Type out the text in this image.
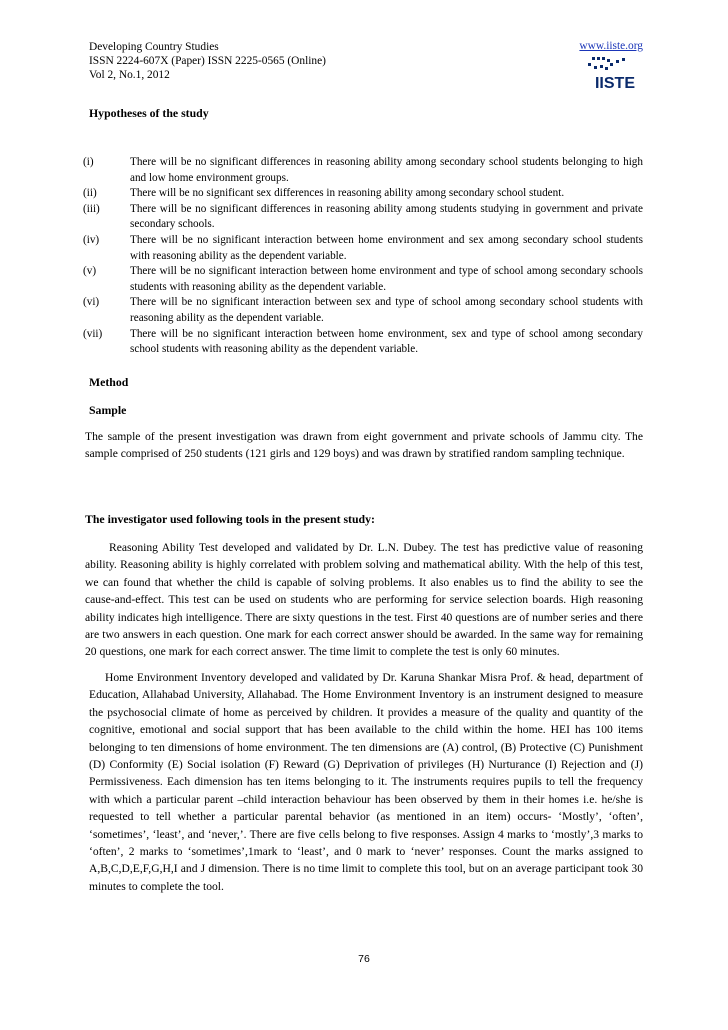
Developing Country Studies
ISSN 2224-607X (Paper) ISSN 2225-0565 (Online)
Vol 2, No.1, 2012
www.iiste.org
IISTE
Hypotheses of the study
(i)	There will be no significant differences in reasoning ability among secondary school students belonging to high and low home environment groups.
(ii)	There will be no significant sex differences in reasoning ability among secondary school student.
(iii)	There will be no significant differences in reasoning ability among students studying in government and private secondary schools.
(iv)	There will be no significant interaction between home environment and sex among secondary school students with reasoning ability as the dependent variable.
(v)	There will be no significant interaction between home environment and type of school among secondary schools students with reasoning ability as the dependent variable.
(vi)	There will be no significant interaction between sex and type of school among secondary school students with reasoning ability as the dependent variable.
(vii)	There will be no significant interaction between home environment, sex and type of school among secondary school students with reasoning ability as the dependent variable.
Method
Sample

The sample of the present investigation was drawn from eight government and private schools of Jammu city. The sample comprised of 250 students (121 girls and 129 boys) and was drawn by stratified random sampling technique.

The investigator used following tools in the present study:

Reasoning Ability Test developed and validated by Dr. L.N. Dubey. The test has predictive value of reasoning ability. Reasoning ability is highly correlated with problem solving and mathematical ability. With the help of this test, we can found that whether the child is capable of solving problems. It also enables us to find the ability to see the cause-and-effect. This test can be used on students who are performing for service selection boards. High reasoning ability indicates high intelligence. There are sixty questions in the test. First 40 questions are of number series and there are two answers in each question. One mark for each correct answer should be awarded. In the same way for remaining 20 questions, one mark for each correct answer. The time limit to complete the test is only 60 minutes.

Home Environment Inventory developed and validated by Dr. Karuna Shankar Misra Prof. & head, department of Education, Allahabad University, Allahabad. The Home Environment Inventory is an instrument designed to measure the psychosocial climate of home as perceived by children. It provides a measure of the quality and quantity of the cognitive, emotional and social support that has been available to the child within the home. HEI has 100 items belonging to ten dimensions of home environment. The ten dimensions are (A) control, (B) Protective (C) Punishment (D) Conformity (E) Social isolation (F) Reward (G) Deprivation of privileges (H) Nurturance (I) Rejection and (J) Permissiveness. Each dimension has ten items belonging to it. The instruments requires pupils to tell the frequency with which a particular parent –child interaction behaviour has been observed by them in their homes i.e. he/she is requested to tell whether a particular parental behavior (as mentioned in an item) occurs- ‘Mostly’, ‘often’, ‘sometimes’, ‘least’, and ‘never,’. There are five cells belong to five responses. Assign 4 marks to ‘mostly’,3 marks to ‘often’, 2 marks to ‘sometimes’,1mark to ‘least’, and 0 mark to ‘never’ responses. Count the marks assigned to A,B,C,D,E,F,G,H,I and J dimension. There is no time limit to complete this tool, but on an average participant took 30 minutes to complete the tool.

76
